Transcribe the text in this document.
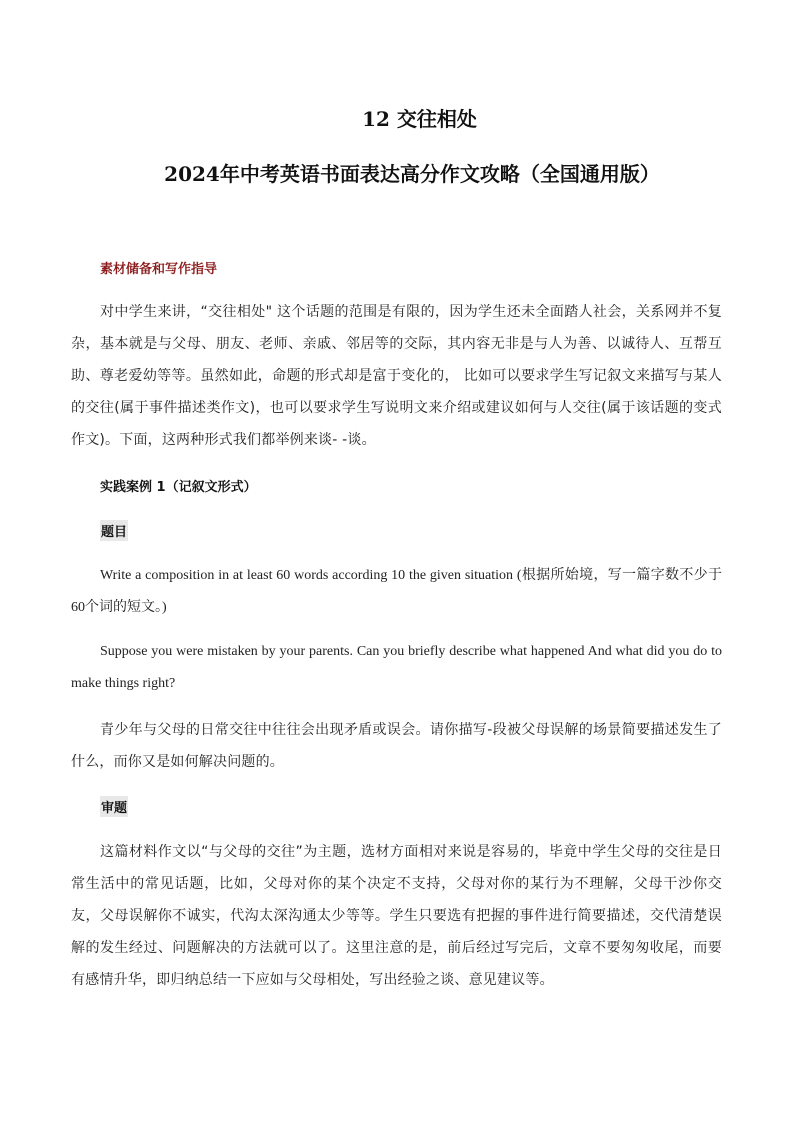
12 交往相处
2024年中考英语书面表达高分作文攻略（全国通用版）
素材储备和写作指导

对中学生来讲，“交往相处" 这个话题的范围是有限的，因为学生还未全面踏人社会，关系网并不复杂，基本就是与父母、朋友、老师、亲戚、邻居等的交际，其内容无非是与人为善、以诚待人、互帮互助、尊老爱幼等等。虽然如此，命题的形式却是富于变化的， 比如可以要求学生写记叙文来描写与某人的交往(属于事件描述类作文)，也可以要求学生写说明文来介绍或建议如何与人交往(属于该话题的变式作文)。下面，这两种形式我们都举例来谈- -谈。

实践案例 1（记叙文形式）
题目

Write a composition in at least 60 words according 10 the given situation (根据所始境，写一篇字数不少于60个词的短文。)

Suppose you were mistaken by your parents. Can you briefly describe what happened And what did you do to make things right?

青少年与父母的日常交往中往往会出现矛盾或误会。请你描写-段被父母误解的场景简要描述发生了什么，而你又是如何解决问题的。

审题

这篇材料作文以“与父母的交往”为主题，选材方面相对来说是容易的，毕竟中学生父母的交往是日常生活中的常见话题，比如，父母对你的某个决定不支持，父母对你的某行为不理解，父母干沙你交友，父母误解你不诚实，代沟太深沟通太少等等。学生只要选有把握的事件进行简要描述，交代清楚误解的发生经过、问题解决的方法就可以了。这里注意的是，前后经过写完后，文章不要匆匆收尾，而要有感情升华，即归纳总结一下应如与父母相处，写出经验之谈、意见建议等。
